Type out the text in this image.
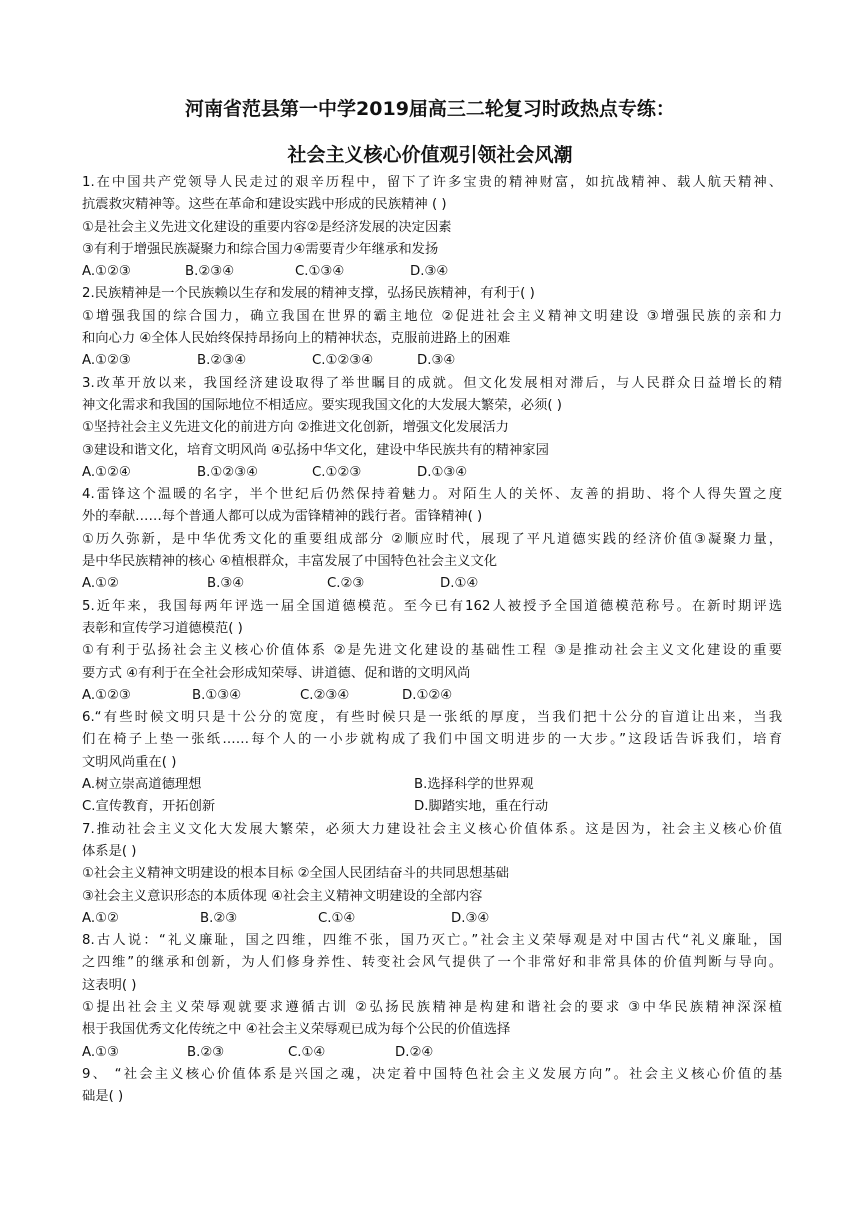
河南省范县第一中学2019届高三二轮复习时政热点专练：
社会主义核心价值观引领社会风潮
1.在中国共产党领导人民走过的艰辛历程中，留下了许多宝贵的精神财富，如抗战精神、载人航天精神、
抗震救灾精神等。这些在革命和建设实践中形成的民族精神 ( )
①是社会主义先进文化建设的重要内容②是经济发展的决定因素
③有利于增强民族凝聚力和综合国力④需要青少年继承和发扬
A.①②③	B.②③④	C.①③④	D.③④
2.民族精神是一个民族赖以生存和发展的精神支撑，弘扬民族精神，有利于( )
①增强我国的综合国力，确立我国在世界的霸主地位 ②促进社会主义精神文明建设 ③增强民族的亲和力
和向心力 ④全体人民始终保持昂扬向上的精神状态，克服前进路上的困难
A.①②③	B.②③④	C.①②③④	D.③④
3.改革开放以来，我国经济建设取得了举世瞩目的成就。但文化发展相对滞后，与人民群众日益增长的精
神文化需求和我国的国际地位不相适应。要实现我国文化的大发展大繁荣，必须( )
①坚持社会主义先进文化的前进方向 ②推进文化创新，增强文化发展活力
③建设和谐文化，培育文明风尚 ④弘扬中华文化，建设中华民族共有的精神家园
A.①②④	B.①②③④	C.①②③	D.①③④
4.雷锋这个温暖的名字，半个世纪后仍然保持着魅力。对陌生人的关怀、友善的捐助、将个人得失置之度
外的奉献……每个普通人都可以成为雷锋精神的践行者。雷锋精神( )
①历久弥新，是中华优秀文化的重要组成部分 ②顺应时代，展现了平凡道德实践的经济价值③凝聚力量，
是中华民族精神的核心 ④植根群众，丰富发展了中国特色社会主义文化
A.①②	B.③④	C.②③	D.①④
5.近年来，我国每两年评选一届全国道德模范。至今已有162人被授予全国道德模范称号。在新时期评选
表彰和宣传学习道德模范( )
①有利于弘扬社会主义核心价值体系 ②是先进文化建设的基础性工程 ③是推动社会主义文化建设的重要
要方式 ④有利于在全社会形成知荣辱、讲道德、促和谐的文明风尚
A.①②③	B.①③④	C.②③④	D.①②④
6.“有些时候文明只是十公分的宽度，有些时候只是一张纸的厚度，当我们把十公分的盲道让出来，当我
们在椅子上垫一张纸……每个人的一小步就构成了我们中国文明进步的一大步。”这段话告诉我们，培育
文明风尚重在( )
A.树立崇高道德理想	B.选择科学的世界观
C.宣传教育，开拓创新	D.脚踏实地，重在行动
7.推动社会主义文化大发展大繁荣，必须大力建设社会主义核心价值体系。这是因为，社会主义核心价值
体系是( )
①社会主义精神文明建设的根本目标 ②全国人民团结奋斗的共同思想基础
③社会主义意识形态的本质体现 ④社会主义精神文明建设的全部内容
A.①②	B.②③	C.①④	D.③④
8.古人说：“礼义廉耻，国之四维，四维不张，国乃灭亡。”社会主义荣辱观是对中国古代“礼义廉耻，国
之四维”的继承和创新，为人们修身养性、转变社会风气提供了一个非常好和非常具体的价值判断与导向。
这表明( )
①提出社会主义荣辱观就要求遵循古训 ②弘扬民族精神是构建和谐社会的要求 ③中华民族精神深深植
根于我国优秀文化传统之中 ④社会主义荣辱观已成为每个公民的价值选择
A.①③	B.②③	C.①④	D.②④
9、 “社会主义核心价值体系是兴国之魂，决定着中国特色社会主义发展方向”。社会主义核心价值的基
础是( )
